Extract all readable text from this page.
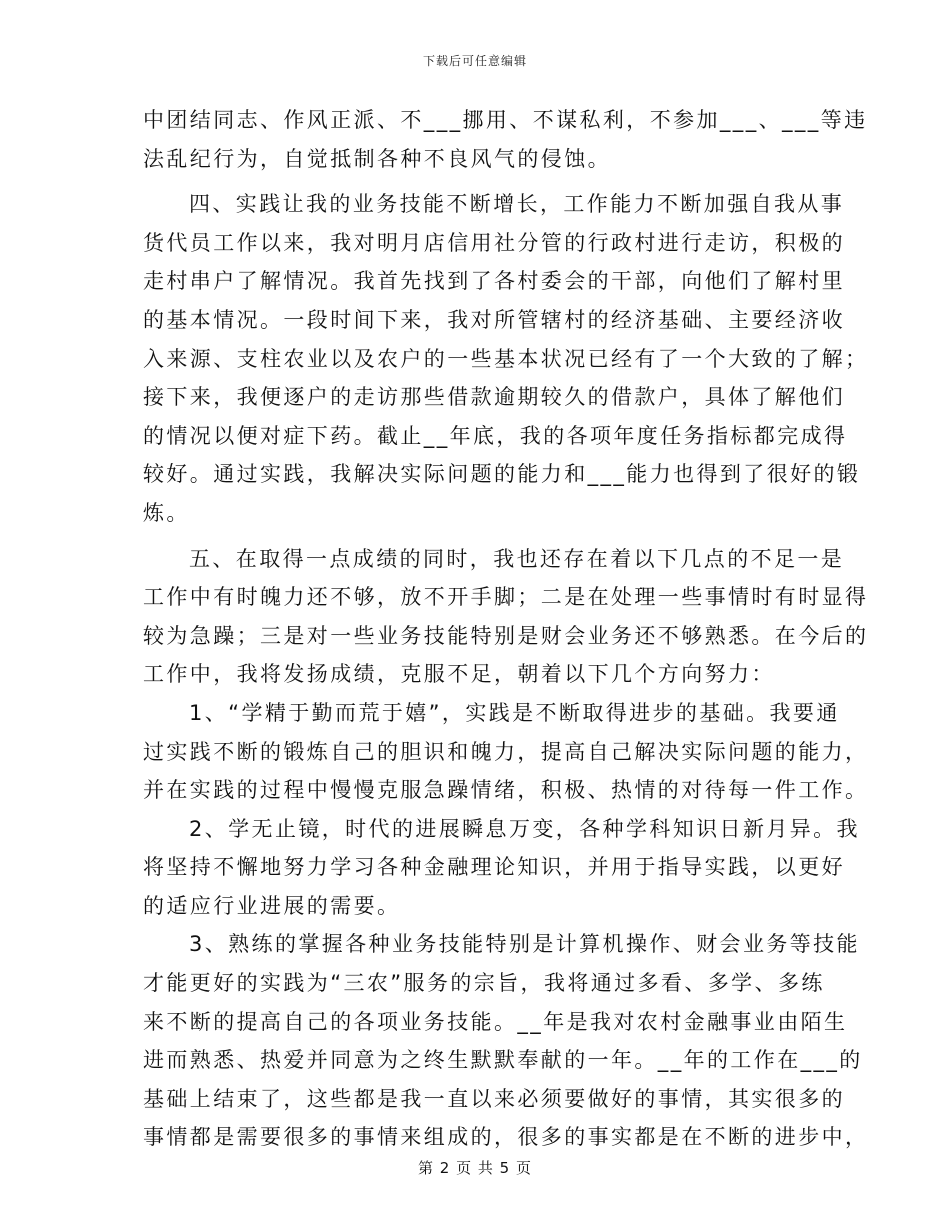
下载后可任意编辑
中团结同志、作风正派、不___挪用、不谋私利，不参加___、___等违
法乱纪行为，自觉抵制各种不良风气的侵蚀。
四、实践让我的业务技能不断增长，工作能力不断加强自我从事
货代员工作以来，我对明月店信用社分管的行政村进行走访，积极的
走村串户了解情况。我首先找到了各村委会的干部，向他们了解村里
的基本情况。一段时间下来，我对所管辖村的经济基础、主要经济收
入来源、支柱农业以及农户的一些基本状况已经有了一个大致的了解；
接下来，我便逐户的走访那些借款逾期较久的借款户，具体了解他们
的情况以便对症下药。截止__年底，我的各项年度任务指标都完成得
较好。通过实践，我解决实际问题的能力和___能力也得到了很好的锻
炼。
五、在取得一点成绩的同时，我也还存在着以下几点的不足一是
工作中有时魄力还不够，放不开手脚；二是在处理一些事情时有时显得
较为急躁；三是对一些业务技能特别是财会业务还不够熟悉。在今后的
工作中，我将发扬成绩，克服不足，朝着以下几个方向努力：
1、“学精于勤而荒于嬉”，实践是不断取得进步的基础。我要通
过实践不断的锻炼自己的胆识和魄力，提高自己解决实际问题的能力，
并在实践的过程中慢慢克服急躁情绪，积极、热情的对待每一件工作。
2、学无止镜，时代的进展瞬息万变，各种学科知识日新月异。我
将坚持不懈地努力学习各种金融理论知识，并用于指导实践，以更好
的适应行业进展的需要。
3、熟练的掌握各种业务技能特别是计算机操作、财会业务等技能
才能更好的实践为“三农”服务的宗旨，我将通过多看、多学、多练
来不断的提高自己的各项业务技能。__年是我对农村金融事业由陌生
进而熟悉、热爱并同意为之终生默默奉献的一年。__年的工作在___的
基础上结束了，这些都是我一直以来必须要做好的事情，其实很多的
事情都是需要很多的事情来组成的，很多的事实都是在不断的进步中，
第 2 页 共 5 页
